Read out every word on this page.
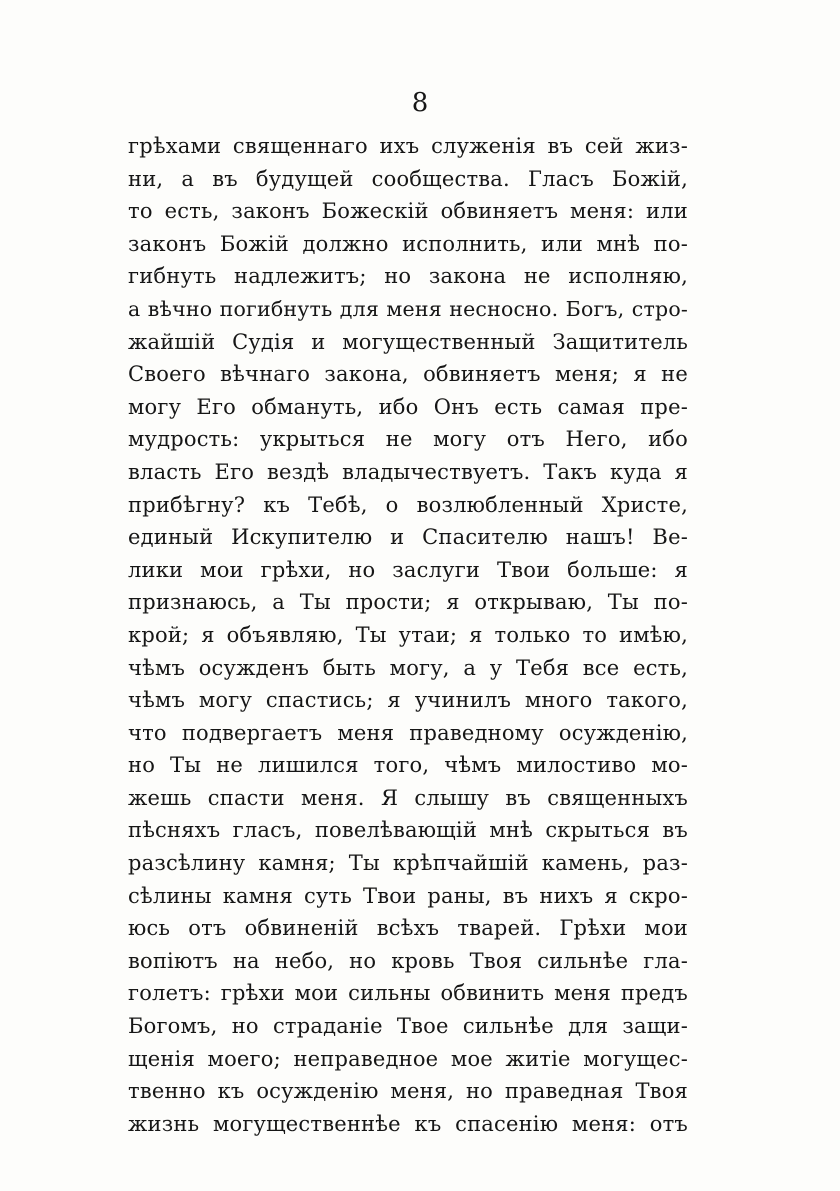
8
грѣхами священнаго ихъ служенія въ сей жиз-
ни, а въ будущей сообщества. Гласъ Божій,
то есть, законъ Божескій обвиняетъ меня: или
законъ Божій должно исполнить, или мнѣ по-
гибнуть надлежитъ; но закона не исполняю,
а вѣчно погибнуть для меня несносно. Богъ, стро-
жайшій Судія и могущественный Защититель
Своего вѣчнаго закона, обвиняетъ меня; я не
могу Его обмануть, ибо Онъ есть самая пре-
мудрость: укрыться не могу отъ Него, ибо
власть Его вездѣ владычествуетъ. Такъ куда я
прибѣгну? къ Тебѣ, о возлюбленный Христе,
единый Искупителю и Спасителю нашъ! Ве-
лики мои грѣхи, но заслуги Твои больше: я
признаюсь, а Ты прости; я открываю, Ты по-
крой; я объявляю, Ты утаи; я только то имѣю,
чѣмъ осужденъ быть могу, а у Тебя все есть,
чѣмъ могу спастись; я учинилъ много такого,
что подвергаетъ меня праведному осужденію,
но Ты не лишился того, чѣмъ милостиво мо-
жешь спасти меня. Я слышу въ священныхъ
пѣсняхъ гласъ, повелѣвающій мнѣ скрыться въ
разсѣлину камня; Ты крѣпчайшій камень, раз-
сѣлины камня суть Твои раны, въ нихъ я скро-
юсь отъ обвиненій всѣхъ тварей. Грѣхи мои
вопіютъ на небо, но кровь Твоя сильнѣе гла-
голетъ: грѣхи мои сильны обвинить меня предъ
Богомъ, но страданіе Твое сильнѣе для защи-
щенія моего; неправедное мое житіе могущес-
твенно къ осужденію меня, но праведная Твоя
жизнь могущественнѣе къ спасенію меня: отъ
